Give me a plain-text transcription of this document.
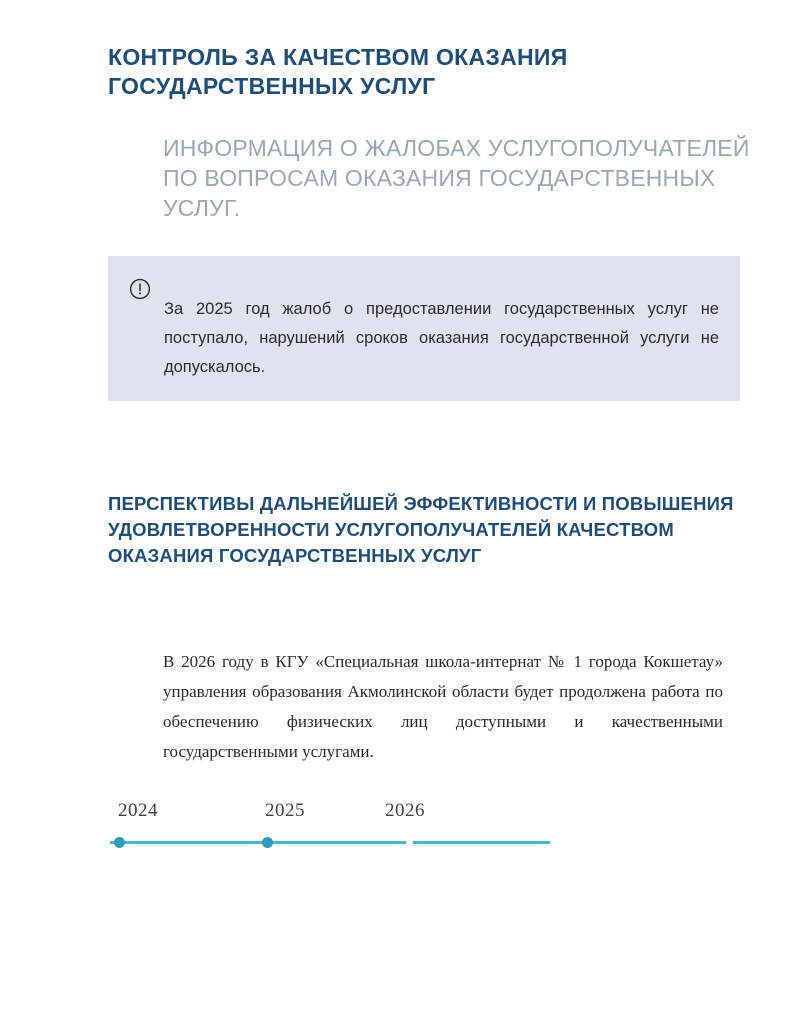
КОНТРОЛЬ ЗА КАЧЕСТВОМ ОКАЗАНИЯ ГОСУДАРСТВЕННЫХ УСЛУГ
ИНФОРМАЦИЯ О ЖАЛОБАХ УСЛУГОПОЛУЧАТЕЛЕЙ ПО ВОПРОСАМ ОКАЗАНИЯ ГОСУДАРСТВЕННЫХ УСЛУГ.

За 2025 год жалоб о предоставлении государственных услуг не поступало, нарушений сроков оказания государственной услуги не допускалось.

ПЕРСПЕКТИВЫ ДАЛЬНЕЙШЕЙ ЭФФЕКТИВНОСТИ И ПОВЫШЕНИЯ УДОВЛЕТВОРЕННОСТИ УСЛУГОПОЛУЧАТЕЛЕЙ КАЧЕСТВОМ ОКАЗАНИЯ ГОСУДАРСТВЕННЫХ УСЛУГ

В 2026 году в КГУ «Специальная школа-интернат № 1 города Кокшетау» управления образования Акмолинской области будет продолжена работа по обеспечению физических лиц доступными и качественными государственными услугами.

2024	2025	2026
